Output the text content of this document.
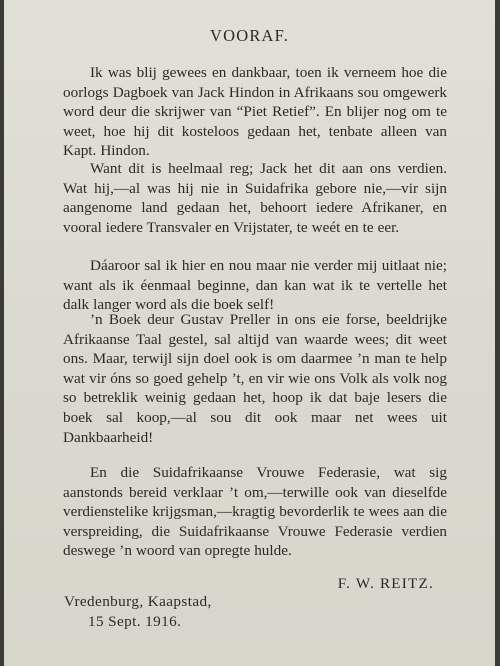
VOORAF.

Ik was blij gewees en dankbaar, toen ik verneem hoe die oorlogs Dagboek van Jack Hindon in Afrikaans sou omgewerk word deur die skrijwer van “Piet Retief”. En blijer nog om te weet, hoe hij dit kosteloos gedaan het, tenbate alleen van Kapt. Hindon.

Want dit is heelmaal reg; Jack het dit aan ons verdien. Wat hij,—al was hij nie in Suidafrika gebore nie,—vir sijn aangenome land gedaan het, behoort iedere Afrikaner, en vooral iedere Transvaler en Vrijstater, te weét en te eer.

Dáaroor sal ik hier en nou maar nie verder mij uitlaat nie; want als ik éenmaal beginne, dan kan wat ik te vertelle het dalk langer word als die boek self!

’n Boek deur Gustav Preller in ons eie forse, beeldrijke Afrikaanse Taal gestel, sal altijd van waarde wees; dit weet ons. Maar, terwijl sijn doel ook is om daarmee ’n man te help wat vir óns so goed gehelp ’t, en vir wie ons Volk als volk nog so betreklik weinig gedaan het, hoop ik dat baje lesers die boek sal koop,—al sou dit ook maar net wees uit Dankbaarheid!

En die Suidafrikaanse Vrouwe Federasie, wat sig aanstonds bereid verklaar ’t om,—terwille ook van dieselfde verdienstelike krijgsman,—kragtig bevorderlik te wees aan die verspreiding, die Suidafrikaanse Vrouwe Federasie verdien deswege ’n woord van opregte hulde.

F. W. REITZ.
Vredenburg, Kaapstad,
15 Sept. 1916.
